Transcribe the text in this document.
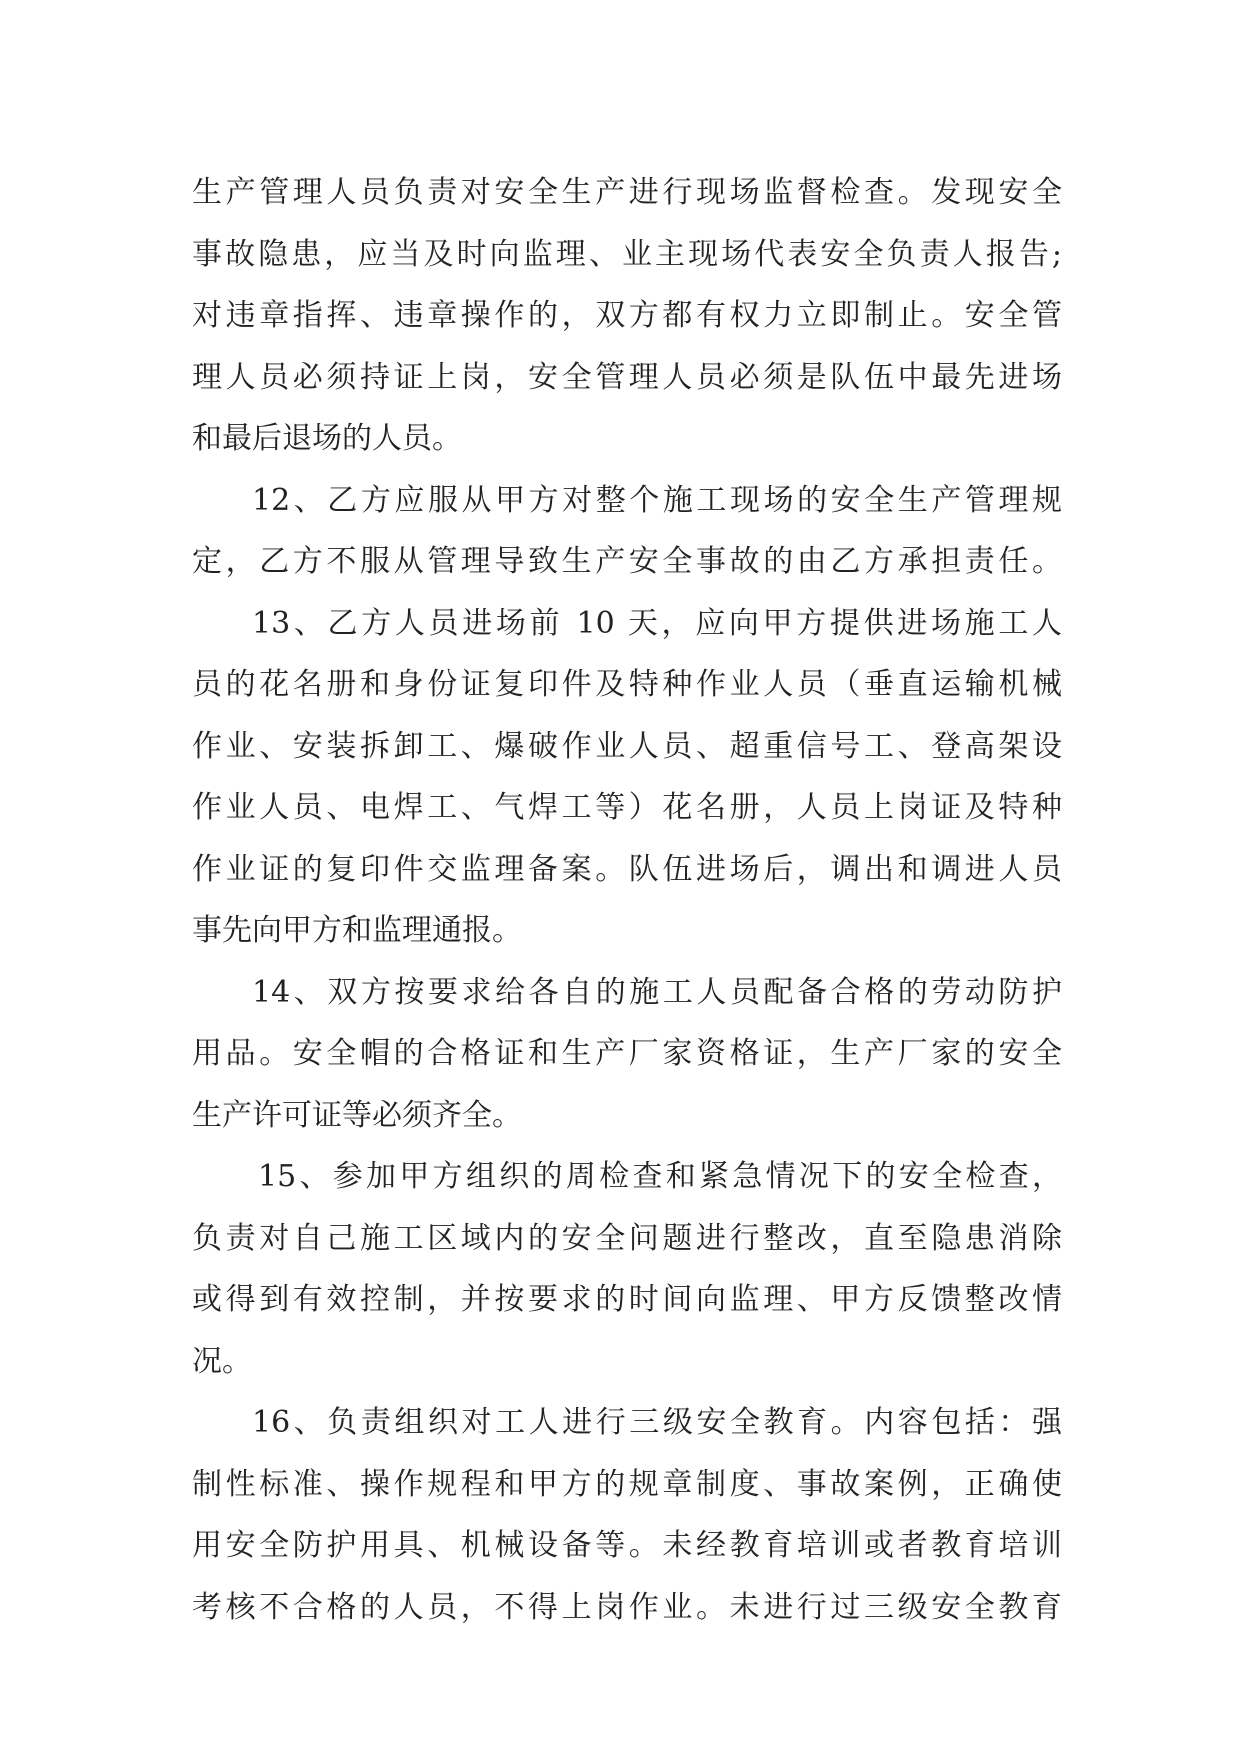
生产管理人员负责对安全生产进行现场监督检查。发现安全
事故隐患，应当及时向监理、业主现场代表安全负责人报告;
对违章指挥、违章操作的，双方都有权力立即制止。安全管
理人员必须持证上岗，安全管理人员必须是队伍中最先进场
和最后退场的人员。
12、乙方应服从甲方对整个施工现场的安全生产管理规
定，乙方不服从管理导致生产安全事故的由乙方承担责任。
13、乙方人员进场前 10 天，应向甲方提供进场施工人
员的花名册和身份证复印件及特种作业人员（垂直运输机械
作业、安装拆卸工、爆破作业人员、超重信号工、登高架设
作业人员、电焊工、气焊工等）花名册，人员上岗证及特种
作业证的复印件交监理备案。队伍进场后，调出和调进人员
事先向甲方和监理通报。
14、双方按要求给各自的施工人员配备合格的劳动防护
用品。安全帽的合格证和生产厂家资格证，生产厂家的安全
生产许可证等必须齐全。
15、参加甲方组织的周检查和紧急情况下的安全检查，
负责对自己施工区域内的安全问题进行整改，直至隐患消除
或得到有效控制，并按要求的时间向监理、甲方反馈整改情
况。
16、负责组织对工人进行三级安全教育。内容包括：强
制性标准、操作规程和甲方的规章制度、事故案例，正确使
用安全防护用具、机械设备等。未经教育培训或者教育培训
考核不合格的人员，不得上岗作业。未进行过三级安全教育
